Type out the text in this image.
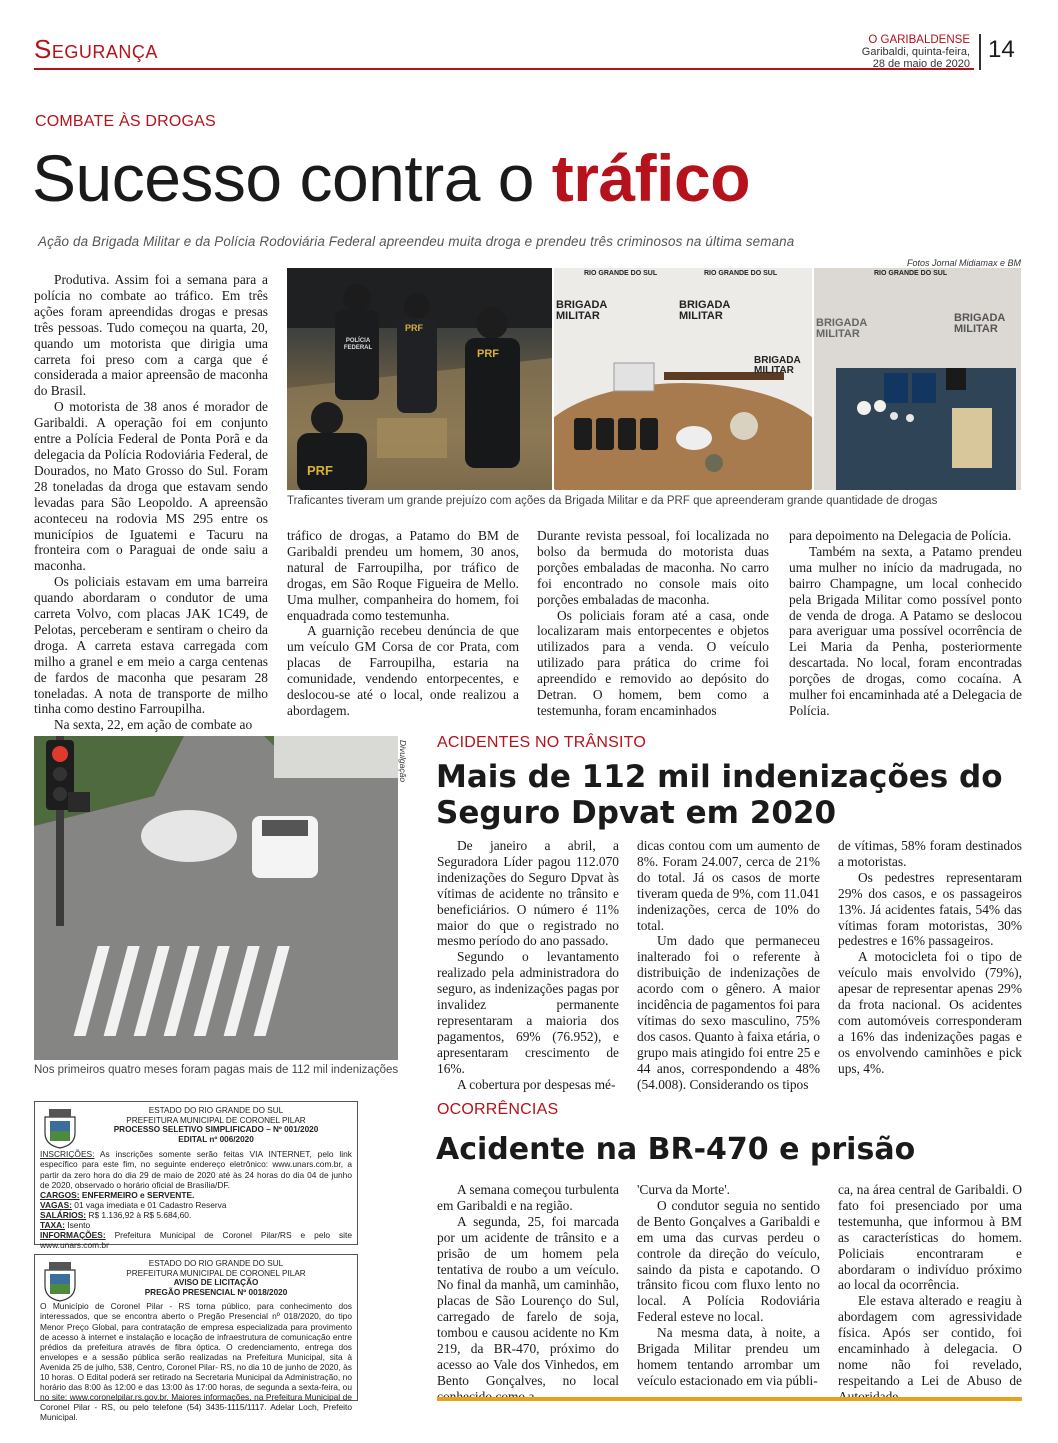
Segurança	O GARIBALDENSE
Garibaldi, quinta-feira,
28 de maio de 2020
14
COMBATE ÀS DROGAS
Sucesso contra o tráfico
Ação da Brigada Militar e da Polícia Rodoviária Federal apreendeu muita droga e prendeu três criminosos na última semana
Fotos Jornal Midiamax e BM
POLÍCIA FEDERAL
PRF
PRF
PRF
RIO GRANDE DO SUL	RIO GRANDE DO SUL
BRIGADA MILITAR
BRIGADA MILITAR
BRIGADA MILITAR
RIO GRANDE DO SUL
BRIGADA MILITAR
BRIGADA MILITAR
Traficantes tiveram um grande prejuízo com ações da Brigada Militar e da PRF que apreenderam grande quantidade de drogas

Produtiva. Assim foi a semana para a polícia no combate ao tráfico. Em três ações foram apreendidas drogas e presas três pessoas. Tudo começou na quarta, 20, quando um motorista que dirigia uma carreta foi preso com a carga que é considerada a maior apreensão de maconha do Brasil.

O motorista de 38 anos é morador de Garibaldi. A operação foi em conjunto entre a Polícia Federal de Ponta Porã e da delegacia da Polícia Rodoviária Federal, de Dourados, no Mato Grosso do Sul. Foram 28 toneladas da droga que estavam sendo levadas para São Leopoldo. A apreensão aconteceu na rodovia MS 295 entre os municípios de Iguatemi e Tacuru na fronteira com o Paraguai de onde saiu a maconha.

Os policiais estavam em uma barreira quando abordaram o condutor de uma carreta Volvo, com placas JAK 1C49, de Pelotas, perceberam e sentiram o cheiro da droga. A carreta estava carregada com milho a granel e em meio a carga centenas de fardos de maconha que pesaram 28 toneladas. A nota de transporte de milho tinha como destino Farroupilha.

Na sexta, 22, em ação de combate ao

tráfico de drogas, a Patamo do BM de Garibaldi prendeu um homem, 30 anos, natural de Farroupilha, por tráfico de drogas, em São Roque Figueira de Mello. Uma mulher, companheira do homem, foi enquadrada como testemunha.

A guarnição recebeu denúncia de que um veículo GM Corsa de cor Prata, com placas de Farroupilha, estaria na comunidade, vendendo entorpecentes, e deslocou-se até o local, onde realizou a abordagem.

Durante revista pessoal, foi localizada no bolso da bermuda do motorista duas porções embaladas de maconha. No carro foi encontrado no console mais oito porções embaladas de maconha.

Os policiais foram até a casa, onde localizaram mais entorpecentes e objetos utilizados para a venda. O veículo utilizado para prática do crime foi apreendido e removido ao depósito do Detran. O homem, bem como a testemunha, foram encaminhados

para depoimento na Delegacia de Polícia.

Também na sexta, a Patamo prendeu uma mulher no início da madrugada, no bairro Champagne, um local conhecido pela Brigada Militar como possível ponto de venda de droga. A Patamo se deslocou para averiguar uma possível ocorrência de Lei Maria da Penha, posteriormente descartada. No local, foram encontradas porções de drogas, como cocaína. A mulher foi encaminhada até a Delegacia de Polícia.

Divulgação
Nos primeiros quatro meses foram pagas mais de 112 mil indenizações
ACIDENTES NO TRÂNSITO
Mais de 112 mil indenizações do
Seguro Dpvat em 2020

De janeiro a abril, a Seguradora Líder pagou 112.070 indenizações do Seguro Dpvat às vítimas de acidente no trânsito e beneficiários. O número é 11% maior do que o registrado no mesmo período do ano passado.

Segundo o levantamento realizado pela administradora do seguro, as indenizações pagas por invalidez permanente representaram a maioria dos pagamentos, 69% (76.952), e apresentaram crescimento de 16%.

A cobertura por despesas mé-

dicas contou com um aumento de 8%. Foram 24.007, cerca de 21% do total. Já os casos de morte tiveram queda de 9%, com 11.041 indenizações, cerca de 10% do total.

Um dado que permaneceu inalterado foi o referente à distribuição de indenizações de acordo com o gênero. A maior incidência de pagamentos foi para vítimas do sexo masculino, 75% dos casos. Quanto à faixa etária, o grupo mais atingido foi entre 25 e 44 anos, correspondendo a 48% (54.008). Considerando os tipos

de vítimas, 58% foram destinados a motoristas.

Os pedestres representaram 29% dos casos, e os passageiros 13%. Já acidentes fatais, 54% das vítimas foram motoristas, 30% pedestres e 16% passageiros.

A motocicleta foi o tipo de veículo mais envolvido (79%), apesar de representar apenas 29% da frota nacional. Os acidentes com automóveis corresponderam a 16% das indenizações pagas e os envolvendo caminhões e pick ups, 4%.

OCORRÊNCIAS
Acidente na BR-470 e prisão

A semana começou turbulenta em Garibaldi e na região.

A segunda, 25, foi marcada por um acidente de trânsito e a prisão de um homem pela tentativa de roubo a um veículo. No final da manhã, um caminhão, placas de São Lourenço do Sul, carregado de farelo de soja, tombou e causou acidente no Km 219, da BR-470, próximo do acesso ao Vale dos Vinhedos, em Bento Gonçalves, no local

'Curva da Morte'.

O condutor seguia no sentido de Bento Gonçalves a Garibaldi e em uma das curvas perdeu o controle da direção do veículo, saindo da pista e capotando. O trânsito ficou com fluxo lento no local. A Polícia Rodoviária Federal esteve no local.

Na mesma data, à noite, a Brigada Militar prendeu um homem tentando arrombar um veículo estacionado em via públi-

ca, na área central de Garibaldi. O fato foi presenciado por uma testemunha, que informou à BM as características do homem. Policiais encontraram e abordaram o indivíduo próximo ao local da ocorrência.

Ele estava alterado e reagiu à abordagem com agressividade física. Após ser contido, foi encaminhado à delegacia. O nome não foi revelado, respeitando a Lei de Abuso de

ESTADO DO RIO GRANDE DO SUL
PREFEITURA MUNICIPAL DE CORONEL PILAR
PROCESSO SELETIVO SIMPLIFICADO – Nº 001/2020
EDITAL nº 006/2020
INSCRIÇÕES: As inscrições somente serão feitas VIA INTERNET, pelo link específico para este fim, no seguinte endereço eletrônico: www.unars.com.br, a partir da zero hora do dia 29 de maio de 2020 até às 24 horas do dia 04 de junho de 2020, observado o horário oficial de Brasília/DF.
CARGOS: ENFERMEIRO e SERVENTE.
VAGAS: 01 vaga imediata e 01 Cadastro Reserva
SALÁRIOS: R$ 1.136,92 à R$ 5.684,60.
TAXA: Isento
INFORMAÇÕES: Prefeitura Municipal de Coronel Pilar/RS e pelo site www.unars.com.br
ESTADO DO RIO GRANDE DO SUL
PREFEITURA MUNICIPAL DE CORONEL PILAR
AVISO DE LICITAÇÃO
PREGÃO PRESENCIAL Nº 0018/2020
O Município de Coronel Pilar - RS torna público, para conhecimento dos interessados, que se encontra aberto o Pregão Presencial nº 018/2020, do tipo Menor Preço Global, para contratação de empresa especializada para provimento de acesso à internet e instalação e locação de infraestrutura de comunicação entre prédios da prefeitura através de fibra óptica. O credenciamento, entrega dos envelopes e a sessão pública serão realizadas na Prefeitura Municipal, sita à Avenida 25 de julho, 538, Centro, Coronel Pilar- RS, no dia 10 de junho de 2020, às 10 horas. O Edital poderá ser retirado na Secretaria Municipal da Administração, no horário das 8:00 às 12:00 e das 13:00 às 17:00 horas, de segunda a sexta-feira, ou no site: www.coronelpilar.rs.gov.br. Maiores informações, na Prefeitura Municipal de Coronel Pilar - RS, ou pelo telefone (54) 3435-1115/1117. Adelar Loch, Prefeito Municipal.
